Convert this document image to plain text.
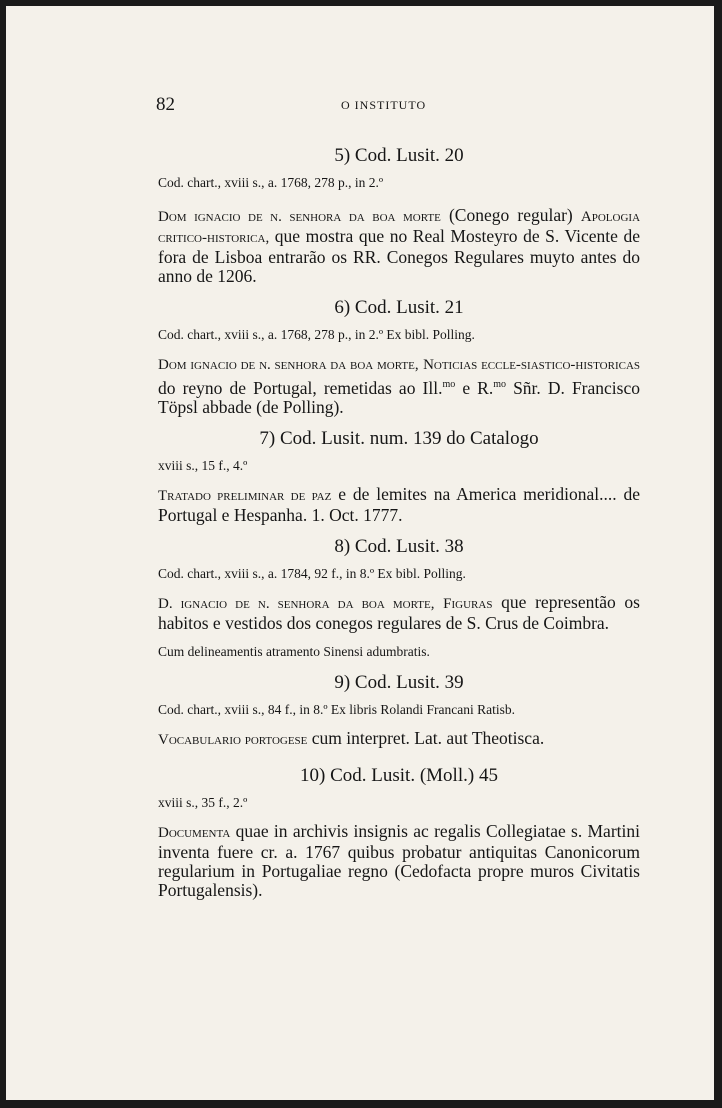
82	O INSTITUTO

5) Cod. Lusit. 20

Cod. chart., xviii s., a. 1768, 278 p., in 2.º

Dom ignacio de n. senhora da boa morte (Conego regular) Apologia critico-historica, que mostra que no Real Mosteyro de S. Vicente de fora de Lisboa entrarão os RR. Conegos Regulares muyto antes do anno de 1206.

6) Cod. Lusit. 21

Cod. chart., xviii s., a. 1768, 278 p., in 2.º Ex bibl. Polling.

Dom ignacio de n. senhora da boa morte, Noticias eccle-siastico-historicas do reyno de Portugal, remetidas ao Ill.$^{mo}$ e R.$^{mo}$ Sñr. D. Francisco Töpsl abbade (de Polling).

7) Cod. Lusit. num. 139 do Catalogo

xviii s., 15 f., 4.º

Tratado preliminar de paz e de lemites na America meridional.... de Portugal e Hespanha. 1. Oct. 1777.

8) Cod. Lusit. 38

Cod. chart., xviii s., a. 1784, 92 f., in 8.º Ex bibl. Polling.

D. ignacio de n. senhora da boa morte, Figuras que representão os habitos e vestidos dos conegos regulares de S. Crus de Coimbra.

Cum delineamentis atramento Sinensi adumbratis.

9) Cod. Lusit. 39

Cod. chart., xviii s., 84 f., in 8.º Ex libris Rolandi Francani Ratisb.

Vocabulario portogese cum interpret. Lat. aut Theotisca.

10) Cod. Lusit. (Moll.) 45

xviii s., 35 f., 2.º

Documenta quae in archivis insignis ac regalis Collegiatae s. Martini inventa fuere cr. a. 1767 quibus probatur antiquitas Canonicorum regularium in Portugaliae regno (Cedofacta propre muros Civitatis Portugalensis).
